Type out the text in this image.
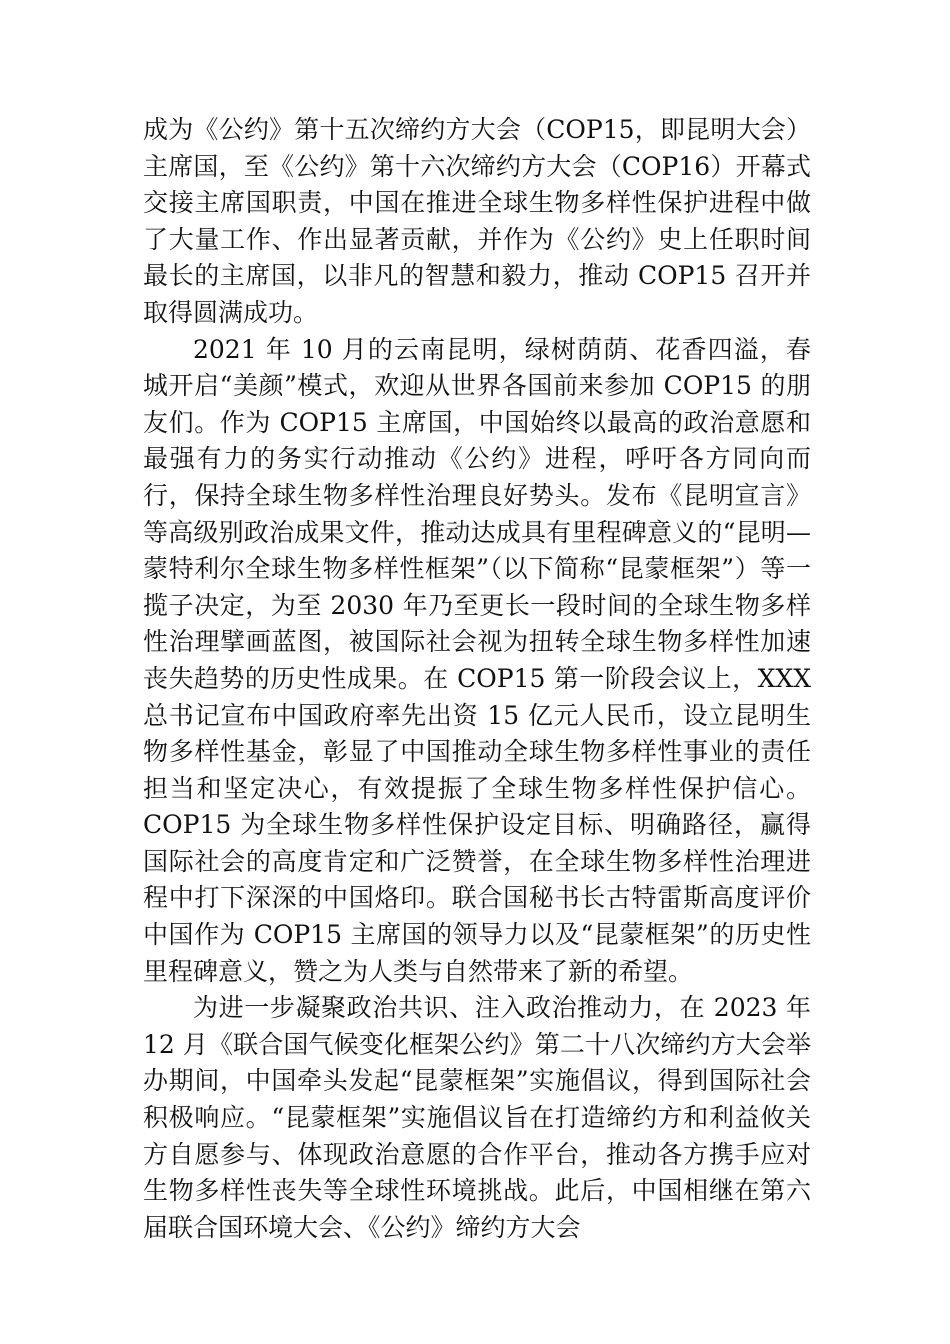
成为《公约》第十五次缔约方大会（COP15，即昆明大会）主席国，至《公约》第十六次缔约方大会（COP16）开幕式交接主席国职责，中国在推进全球生物多样性保护进程中做了大量工作、作出显著贡献，并作为《公约》史上任职时间最长的主席国，以非凡的智慧和毅力，推动 COP15 召开并取得圆满成功。

2021 年 10 月的云南昆明，绿树荫荫、花香四溢，春城开启“美颜”模式，欢迎从世界各国前来参加 COP15 的朋友们。作为 COP15 主席国，中国始终以最高的政治意愿和最强有力的务实行动推动《公约》进程，呼吁各方同向而行，保持全球生物多样性治理良好势头。发布《昆明宣言》等高级别政治成果文件，推动达成具有里程碑意义的“昆明—蒙特利尔全球生物多样性框架”（以下简称“昆蒙框架”）等一揽子决定，为至 2030 年乃至更长一段时间的全球生物多样性治理擘画蓝图，被国际社会视为扭转全球生物多样性加速丧失趋势的历史性成果。在 COP15 第一阶段会议上，XXX 总书记宣布中国政府率先出资 15 亿元人民币，设立昆明生物多样性基金，彰显了中国推动全球生物多样性事业的责任担当和坚定决心，有效提振了全球生物多样性保护信心。COP15 为全球生物多样性保护设定目标、明确路径，赢得国际社会的高度肯定和广泛赞誉，在全球生物多样性治理进程中打下深深的中国烙印。联合国秘书长古特雷斯高度评价中国作为 COP15 主席国的领导力以及“昆蒙框架”的历史性里程碑意义，赞之为人类与自然带来了新的希望。

为进一步凝聚政治共识、注入政治推动力，在 2023 年 12 月《联合国气候变化框架公约》第二十八次缔约方大会举办期间，中国牵头发起“昆蒙框架”实施倡议，得到国际社会积极响应。“昆蒙框架”实施倡议旨在打造缔约方和利益攸关方自愿参与、体现政治意愿的合作平台，推动各方携手应对生物多样性丧失等全球性环境挑战。此后，中国相继在第六届联合国环境大会、《公约》缔约方大会
